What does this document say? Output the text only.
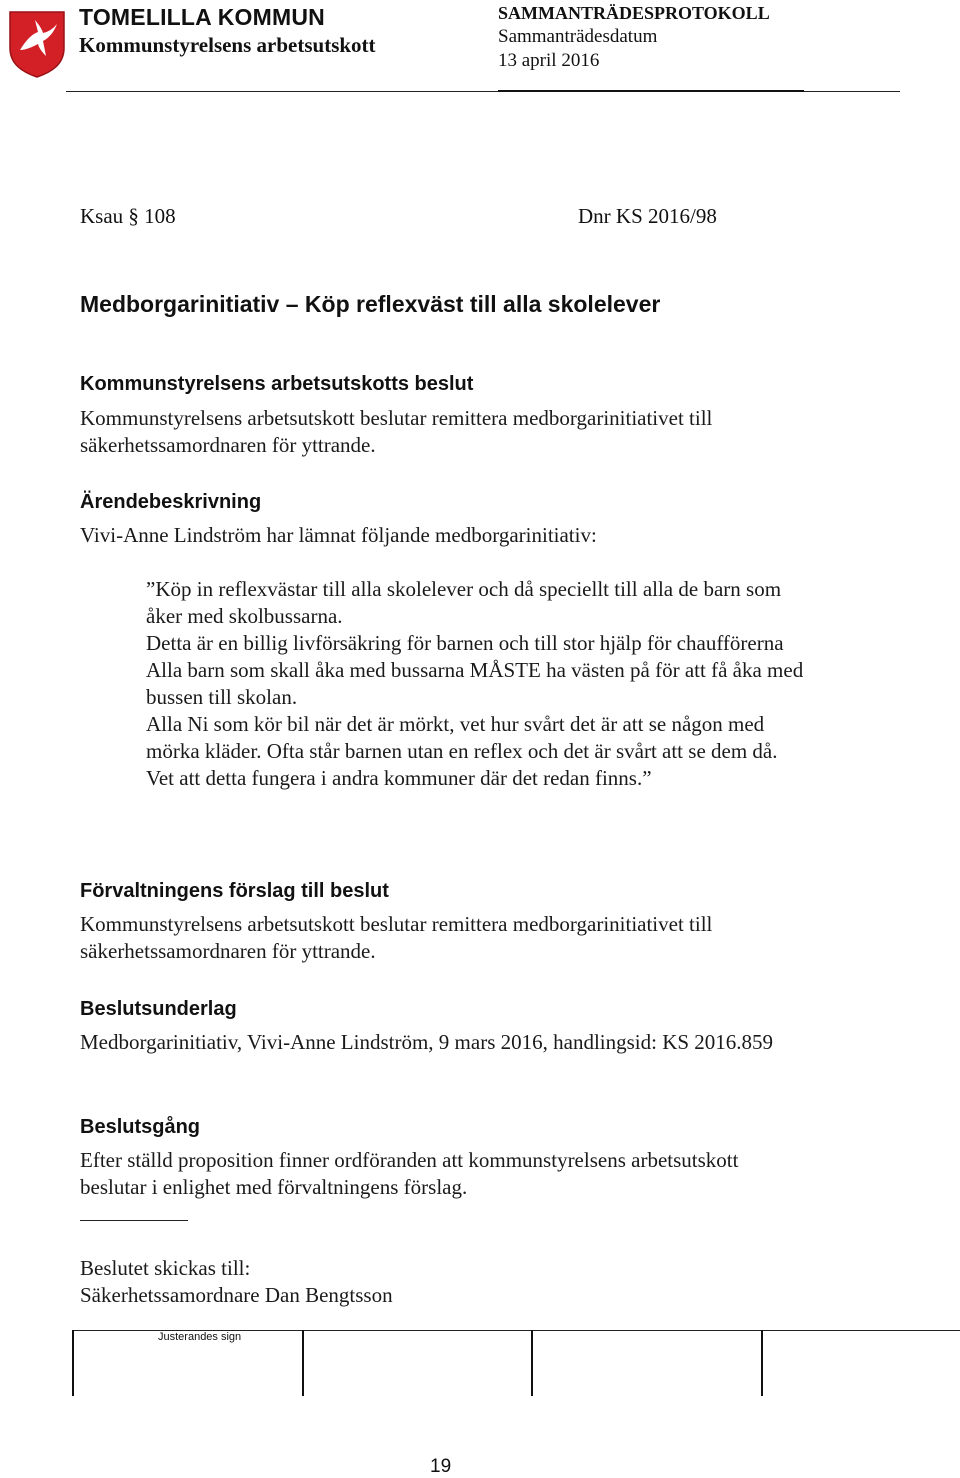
TOMELILLA KOMMUN
Kommunstyrelsens arbetsutskott
SAMMANTRÄDESPROTOKOLL
Sammanträdesdatum
13 april 2016
Ksau § 108	Dnr KS 2016/98
Medborgarinitiativ – Köp reflexväst till alla skolelever
Kommunstyrelsens arbetsutskotts beslut
Kommunstyrelsens arbetsutskott beslutar remittera medborgarinitiativet till säkerhetssamordnaren för yttrande.
Ärendebeskrivning
Vivi-Anne Lindström har lämnat följande medborgarinitiativ:

”Köp in reflexvästar till alla skolelever och då speciellt till alla de barn som åker med skolbussarna.

Detta är en billig livförsäkring för barnen och till stor hjälp för chaufförerna

Alla barn som skall åka med bussarna MÅSTE ha västen på för att få åka med bussen till skolan.

Alla Ni som kör bil när det är mörkt, vet hur svårt det är att se någon med mörka kläder. Ofta står barnen utan en reflex och det är svårt att se dem då.

Vet att detta fungera i andra kommuner där det redan finns.”

Förvaltningens förslag till beslut
Kommunstyrelsens arbetsutskott beslutar remittera medborgarinitiativet till säkerhetssamordnaren för yttrande.
Beslutsunderlag
Medborgarinitiativ, Vivi-Anne Lindström, 9 mars 2016, handlingsid: KS 2016.859
Beslutsgång
Efter ställd proposition finner ordföranden att kommunstyrelsens arbetsutskott beslutar i enlighet med förvaltningens förslag.
Beslutet skickas till:
Säkerhetssamordnare Dan Bengtsson
Justerandes sign
19
